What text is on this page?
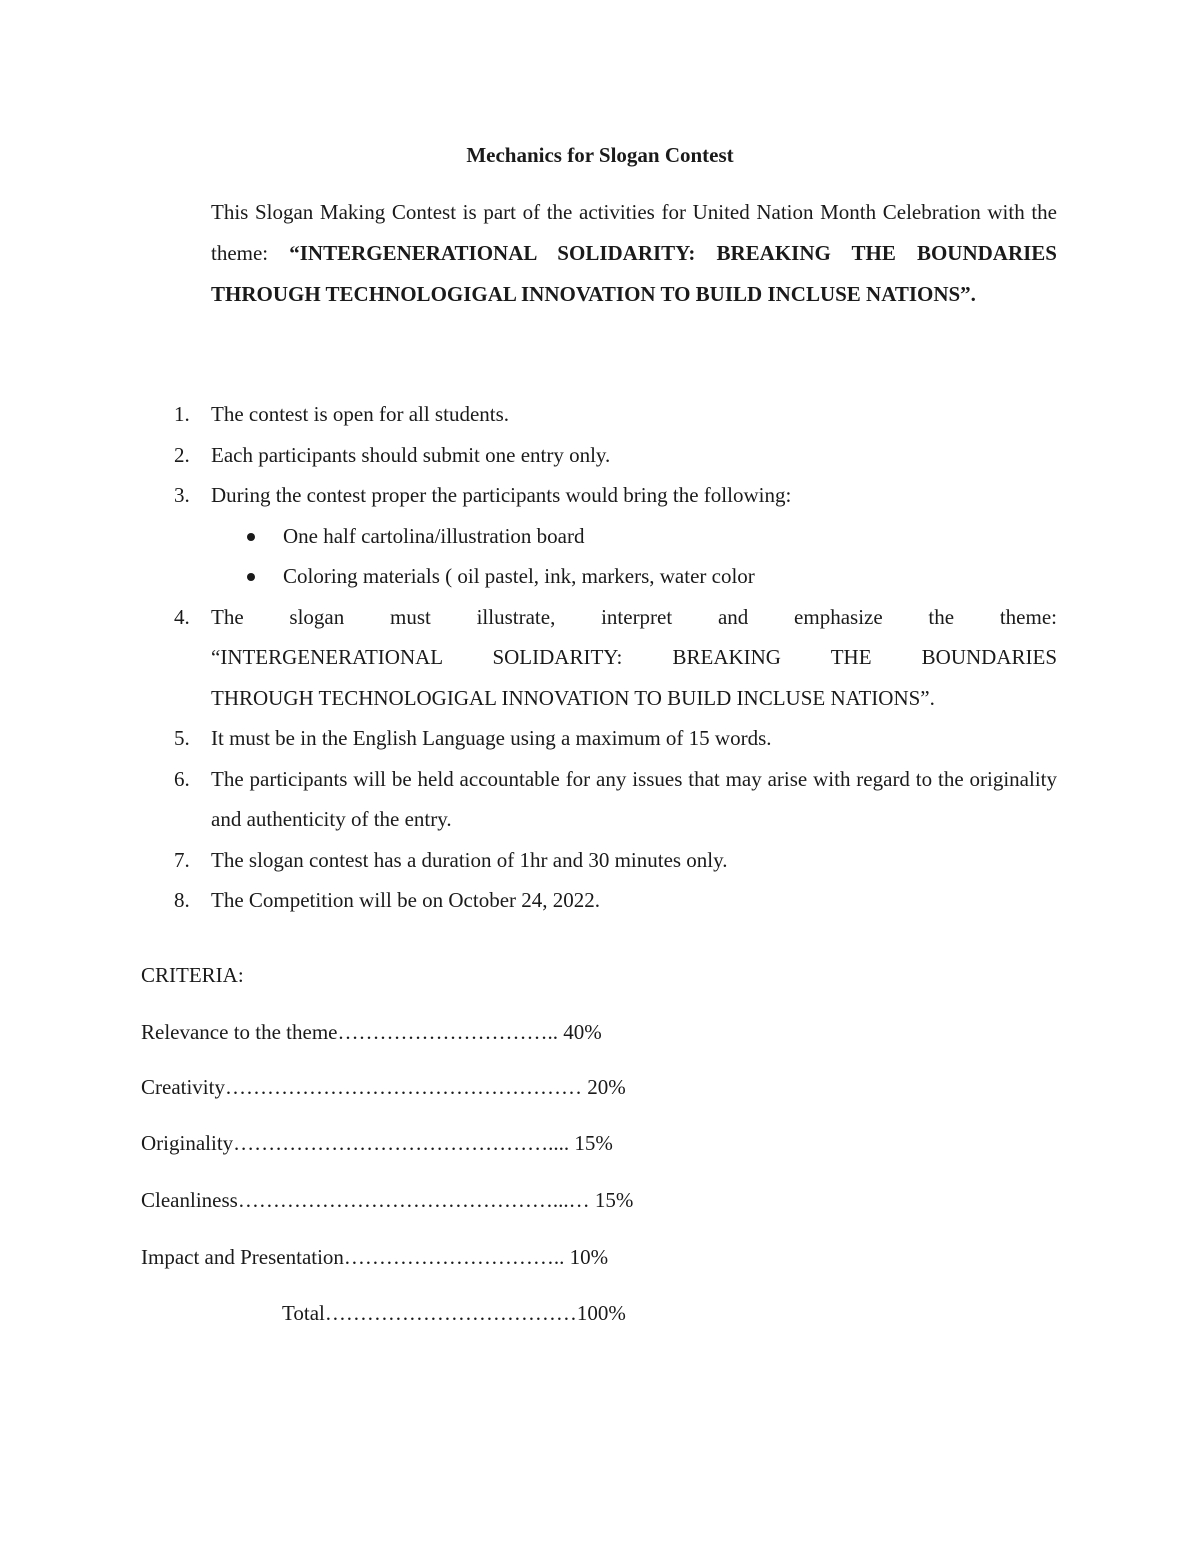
Mechanics for Slogan Contest
This Slogan Making Contest is part of the activities for United Nation Month Celebration with the theme: “INTERGENERATIONAL SOLIDARITY: BREAKING THE BOUNDARIES THROUGH TECHNOLOGIGAL INNOVATION TO BUILD INCLUSE NATIONS”.
1.	The contest is open for all students.
2.	Each participants should submit one entry only.
3.	During the contest proper the participants would bring the following:
One half cartolina/illustration board
Coloring materials ( oil pastel, ink, markers, water color
4.	The slogan must illustrate, interpret and emphasize the theme:
“INTERGENERATIONAL SOLIDARITY: BREAKING THE BOUNDARIES
THROUGH TECHNOLOGIGAL INNOVATION TO BUILD INCLUSE NATIONS”.
5.	It must be in the English Language using a maximum of 15 words.
6.	The participants will be held accountable for any issues that may arise with regard to the originality and authenticity of the entry.
7.	The slogan contest has a duration of 1hr and 30 minutes only.
8.	The Competition will be on October 24, 2022.
CRITERIA:
Relevance to the theme………………………….. 40%
Creativity…………………………………………… 20%
Originality……………………………………….... 15%
Cleanliness………………………………………...… 15%
Impact and Presentation………………………….. 10%
Total………………………………100%
